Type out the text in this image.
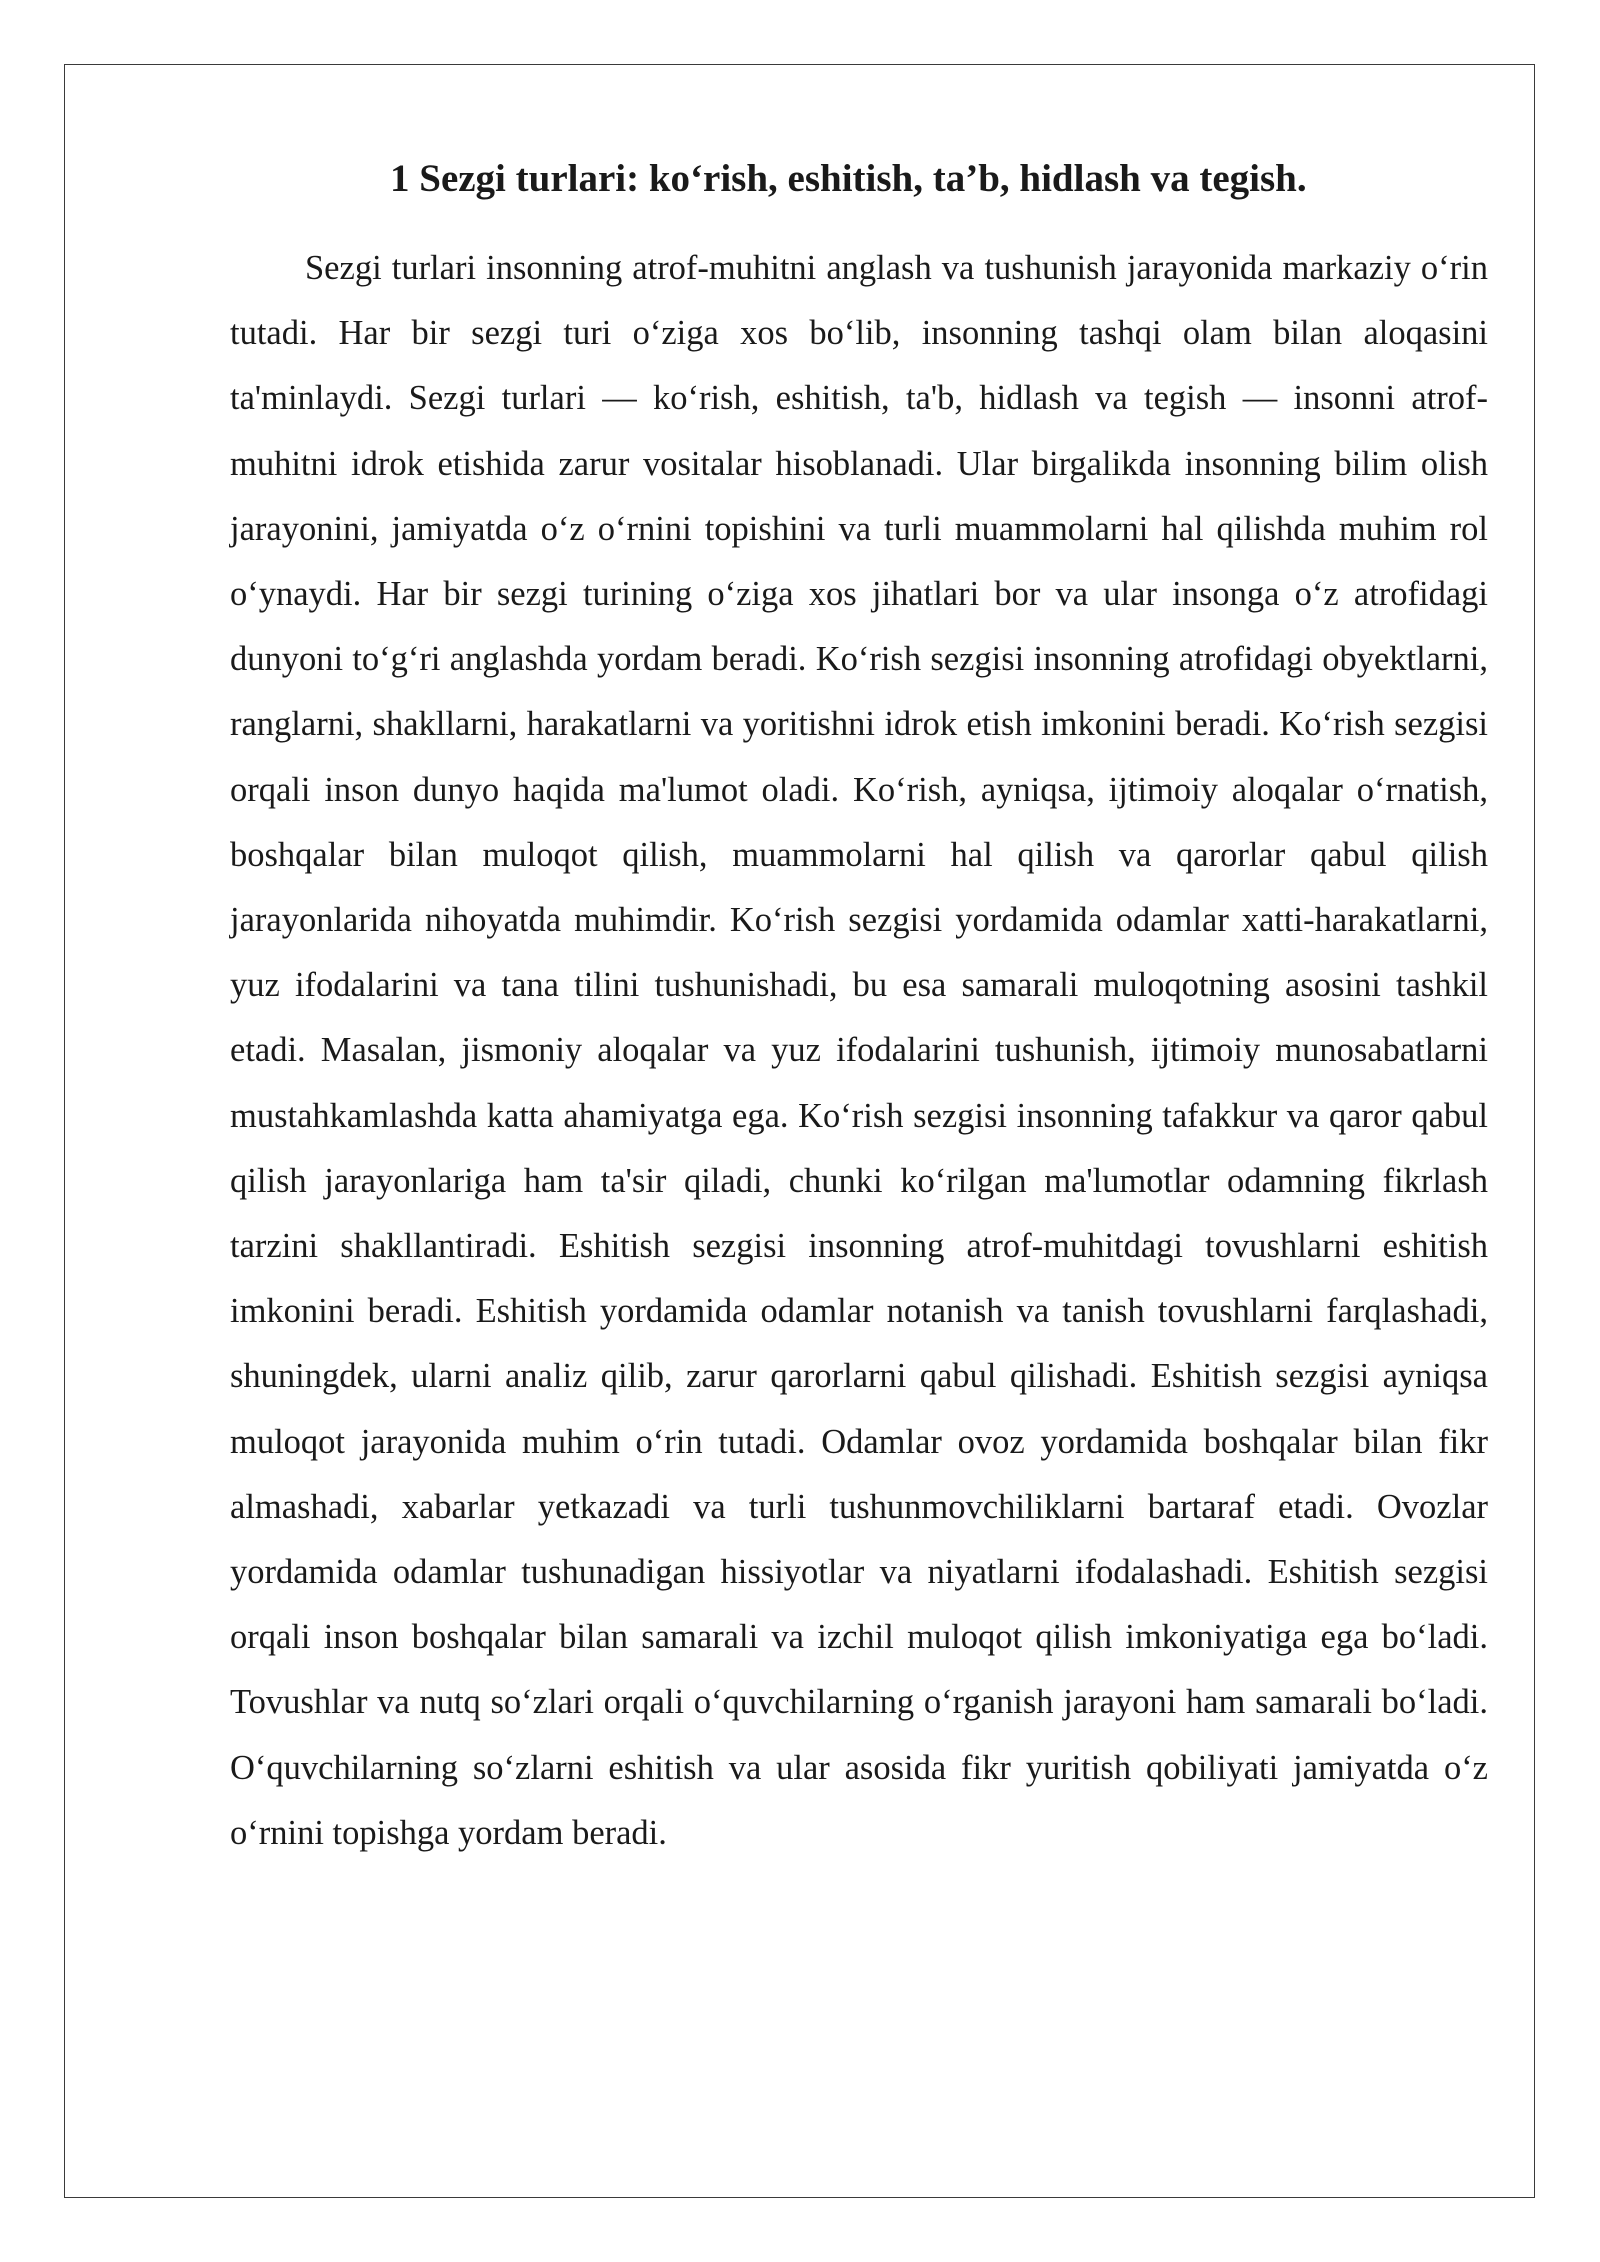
1 Sezgi turlari: ko‘rish, eshitish, ta’b, hidlash va tegish.

Sezgi turlari insonning atrof-muhitni anglash va tushunish jarayonida markaziy o‘rin tutadi. Har bir sezgi turi o‘ziga xos bo‘lib, insonning tashqi olam bilan aloqasini ta'minlaydi. Sezgi turlari — ko‘rish, eshitish, ta'b, hidlash va tegish — insonni atrof-muhitni idrok etishida zarur vositalar hisoblanadi. Ular birgalikda insonning bilim olish jarayonini, jamiyatda o‘z o‘rnini topishini va turli muammolarni hal qilishda muhim rol o‘ynaydi. Har bir sezgi turining o‘ziga xos jihatlari bor va ular insonga o‘z atrofidagi dunyoni to‘g‘ri anglashda yordam beradi. Ko‘rish sezgisi insonning atrofidagi obyektlarni, ranglarni, shakllarni, harakatlarni va yoritishni idrok etish imkonini beradi. Ko‘rish sezgisi orqali inson dunyo haqida ma'lumot oladi. Ko‘rish, ayniqsa, ijtimoiy aloqalar o‘rnatish, boshqalar bilan muloqot qilish, muammolarni hal qilish va qarorlar qabul qilish jarayonlarida nihoyatda muhimdir. Ko‘rish sezgisi yordamida odamlar xatti-harakatlarni, yuz ifodalarini va tana tilini tushunishadi, bu esa samarali muloqotning asosini tashkil etadi. Masalan, jismoniy aloqalar va yuz ifodalarini tushunish, ijtimoiy munosabatlarni mustahkamlashda katta ahamiyatga ega. Ko‘rish sezgisi insonning tafakkur va qaror qabul qilish jarayonlariga ham ta'sir qiladi, chunki ko‘rilgan ma'lumotlar odamning fikrlash tarzini shakllantiradi. Eshitish sezgisi insonning atrof-muhitdagi tovushlarni eshitish imkonini beradi. Eshitish yordamida odamlar notanish va tanish tovushlarni farqlashadi, shuningdek, ularni analiz qilib, zarur qarorlarni qabul qilishadi. Eshitish sezgisi ayniqsa muloqot jarayonida muhim o‘rin tutadi. Odamlar ovoz yordamida boshqalar bilan fikr almashadi, xabarlar yetkazadi va turli tushunmovchiliklarni bartaraf etadi. Ovozlar yordamida odamlar tushunadigan hissiyotlar va niyatlarni ifodalashadi. Eshitish sezgisi orqali inson boshqalar bilan samarali va izchil muloqot qilish imkoniyatiga ega bo‘ladi. Tovushlar va nutq so‘zlari orqali o‘quvchilarning o‘rganish jarayoni ham samarali bo‘ladi. O‘quvchilarning so‘zlarni eshitish va ular asosida fikr yuritish qobiliyati jamiyatda o‘z o‘rnini topishga yordam beradi.
